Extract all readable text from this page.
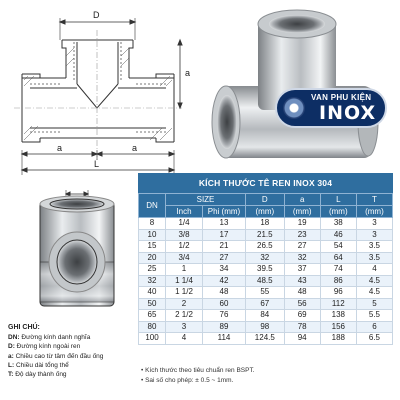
D
a
a	a
L
VAN PHU KIỆN
INOX
KÍCH THƯỚC TÊ REN INOX 304
DN	SIZE		D	a	L	T
	Inch	Phi (mm)	(mm)	(mm)	(mm)	(mm)
8	1/4	13	18	19	38	3
10	3/8	17	21.5	23	46	3
15	1/2	21	26.5	27	54	3.5
20	3/4	27	32	32	64	3.5
25	1	34	39.5	37	74	4
32	1 1/4	42	48.5	43	86	4.5
40	1 1/2	48	55	48	96	4.5
50	2	60	67	56	112	5
65	2 1/2	76	84	69	138	5.5
80	3	89	98	78	156	6
100	4	114	124.5	94	188	6.5
• Kích thước theo tiêu chuẩn ren BSPT.
• Sai số cho phép: ± 0.5 ~ 1mm.
GHI CHÚ:
DN: Đường kính danh nghĩa
D: Đường kính ngoài ren
a: Chiều cao từ tâm đến đầu ống
L: Chiều dài tổng thể
T: Độ dày thành ống
